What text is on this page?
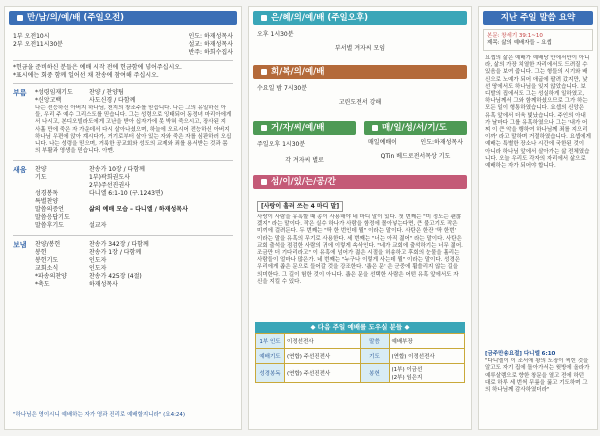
만/남/의/예/배 (주일오전)
1부 오전10시	인도: 하재성목사
2부 오전11시30분	설교: 하재성목사
반주: 하희수집사
*헌금을 준비하신 분들은 예배 시작 전에 헌금함에 넣어주십시오.
*표시에는 회중 함께 일어선 채 찬송에 참여해 주십시오.
부름 *성령임재기도	찬양 / 찬양팀
*신앙고백	사도신경 / 다함께
나는 전능하신 아버지 하나님, 천지의 창조주를 믿습니다. 나는 그의 유일하신 아들, 우리 주 예수 그리스도를 믿습니다. 그는 성령으로 잉태되어 동정녀 마리아에게서 나시고, 본디오빌라도에게 고난을 받아 십자가에 못 박혀 죽으시고, 장사된 지 사흘 만에 죽은 자 가운데서 다시 살아나셨으며, 하늘에 오르시어 전능하신 아버지 하나님 우편에 앉아 계시다가, 거기로부터 살아 있는 자와 죽은 자를 심판하러 오십니다. 나는 성령을 믿으며, 거룩한 공교회와 성도의 교제와 죄를 용서받는 것과 몸의 부활과 영생을 믿습니다. 아멘.
새움 찬양	찬송가 10장 / 다함께
기도	1부)곽희권도사
2부)주선진권사
성경봉독	다니엘 6:1-10 (구.1243면)
특별찬양
말씀의증언	삶의 예배 모습 – 다니엘 / 하재성목사
말씀응답기도
말씀후기도	설교자
보냄 찬양/봉헌	찬송가 342장 / 다함께
봉헌	찬송가 1장 / 다함께
봉헌기도	인도자
교회소식	인도자
*파송의찬양	찬송가 425장 (4절)
*축도	하재성목사
"하나님은 영이시니 예배하는 자가 영과 진리로 예배할지니라" (요4:24)
은/혜/의/예/배 (주일오후)
오후 1시30분
부서별 겨자씨 모임
회/복/의/예/배
수요일 밤 7시30분
고린도전서 강해
거/자/씨/예/배
주일오후 1시30분
각 겨자씨 별로
매/일/성/서/기/도
매일예배이	인도:하재성목사
QTin 베드로전서목상 기도
섬/이/있/는/공/간
[사랑이 흘러 쓰는 4 마디 말]
사랑이 사람을 유혹할 때 종이 사용해야 네 마디 말이 있다. 첫 번째는 "미 정도는 괜찮겠지" 라는 말이다. 작은 실수 하나가 사람을 함정에 몰아넣는다면, 큰 불고기도 작은 미끼에 걸려든다. 두 번째는 "딱 한 번인데 뭘" 이라는 말이다. 사탄은 한잔 '딱 한번' 이라는 말을 유혹의 무기로 사용한다. 세 번째는 "너는 아직 젊어" 라는 말이다. 사탄은 교회 출석을 점검한 사람의 귀에 이렇게 속삭인다. "네가 교회에 출석하기는 너무 젊어. 조금만 더 기다리라고" 이 유혹에 넘어가 젊은 시절을 허송하고 후회의 눈물을 흘리는 사람들이 얼마나 많은가. 네 번째는 "누구나 이렇게 사는데 뭘" 이라는 말이다. 성경은 우리에게 좁은 문으로 들어갈 것을 강조한다. '좁은 문' 은 군중에 휩쓸리지 않는 길을 의미한다. 그 길이 험한 것이 아니다. 좁은 문을 선택한 사람은 어떤 유혹 앞에서도 자신을 지킬 수 있다.
◆ 다음 주일 예배를 도우실 분들 ◆
1부 인도	이정선전사	말씀	예배부장
예배기도	(연합) 주선진전사	기도	(연합) 이정선전사
성경봉독	(연합) 주선진전사	봉헌	(1부) 이금선
(2부) 임은지
지난 주일 말씀 요약
본문: 창세기 39:1~10
제목: 삶의 예배자들 – 요셉
요셉의 삶은 예배가 예배당 안에서만이 아니라, 삶의 가장 치열한 자리에서도 드려질 수 있음을 보여 줍니다. 그는 형들의 시기와 배신으로 노예가 되어 애굽에 팔려 갔지만, 낯선 땅에서도 하나님을 잊지 않았습니다. 보디발의 집에서도 그는 성실하게 일하였고, 하나님께서 그와 함께하셨으므로 그가 하는 모든 일이 형통하였습니다. 요셉의 신앙은 유혹 앞에서 더욱 빛났습니다. 주인의 아내가 날마다 그를 유혹하였으나 그는 '내가 어찌 이 큰 악을 행하여 하나님께 죄를 지으리이까' 라고 말하며 거절하였습니다. 요셉에게 예배는 특별한 장소나 시간에 국한된 것이 아니라 하나님 앞에서 살아가는 삶 전체였습니다. 오늘 우리도 각자의 자리에서 삶으로 예배하는 자가 되어야 합니다.
[금주만송요절] 다니엘 6:10
"다니엘이 이 조서에 왕의 도장이 찍힌 것을 알고도 자기 집에 돌아가서는 윗방에 올라가 예루살렘으로 향한 창문을 열고 전에 하던 대로 하루 세 번씩 무릎을 꿇고 기도하며 그의 하나님께 감사하였더라"
